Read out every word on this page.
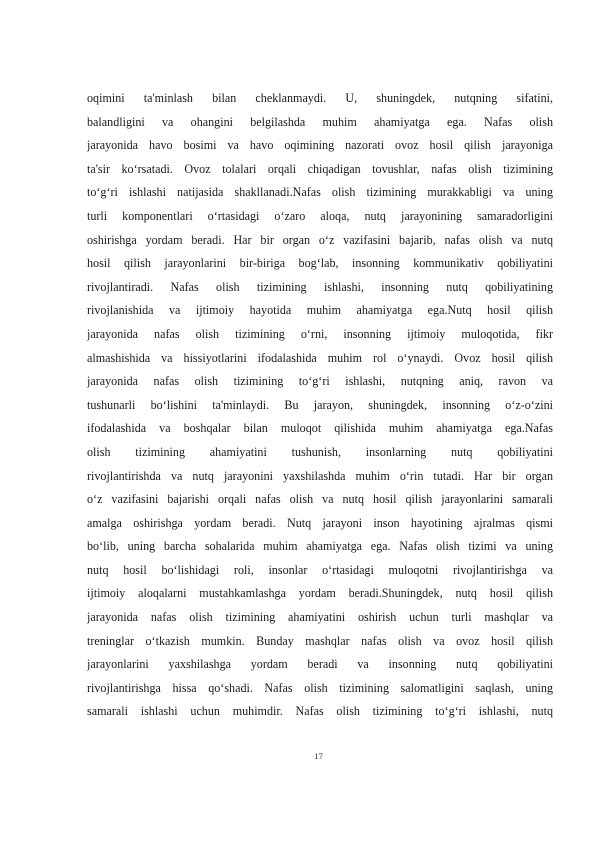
oqimini ta'minlash bilan cheklanmaydi. U, shuningdek, nutqning sifatini,
balandligini va ohangini belgilashda muhim ahamiyatga ega. Nafas olish
jarayonida havo bosimi va havo oqimining nazorati ovoz hosil qilish jarayoniga
ta'sir ko‘rsatadi. Ovoz tolalari orqali chiqadigan tovushlar, nafas olish tizimining
to‘g‘ri ishlashi natijasida shakllanadi.Nafas olish tizimining murakkabligi va uning
turli komponentlari o‘rtasidagi o‘zaro aloqa, nutq jarayonining samaradorligini
oshirishga yordam beradi. Har bir organ o‘z vazifasini bajarib, nafas olish va nutq
hosil qilish jarayonlarini bir-biriga bog‘lab, insonning kommunikativ qobiliyatini
rivojlantiradi. Nafas olish tizimining ishlashi, insonning nutq qobiliyatining
rivojlanishida va ijtimoiy hayotida muhim ahamiyatga ega.Nutq hosil qilish
jarayonida nafas olish tizimining o‘rni, insonning ijtimoiy muloqotida, fikr
almashishida va hissiyotlarini ifodalashida muhim rol o‘ynaydi. Ovoz hosil qilish
jarayonida nafas olish tizimining to‘g‘ri ishlashi, nutqning aniq, ravon va
tushunarli bo‘lishini ta'minlaydi. Bu jarayon, shuningdek, insonning o‘z-o‘zini
ifodalashida va boshqalar bilan muloqot qilishida muhim ahamiyatga ega.Nafas
olish tizimining ahamiyatini tushunish, insonlarning nutq qobiliyatini
rivojlantirishda va nutq jarayonini yaxshilashda muhim o‘rin tutadi. Har bir organ
o‘z vazifasini bajarishi orqali nafas olish va nutq hosil qilish jarayonlarini samarali
amalga oshirishga yordam beradi. Nutq jarayoni inson hayotining ajralmas qismi
bo‘lib, uning barcha sohalarida muhim ahamiyatga ega. Nafas olish tizimi va uning
nutq hosil bo‘lishidagi roli, insonlar o‘rtasidagi muloqotni rivojlantirishga va
ijtimoiy aloqalarni mustahkamlashga yordam beradi.Shuningdek, nutq hosil qilish
jarayonida nafas olish tizimining ahamiyatini oshirish uchun turli mashqlar va
treninglar o‘tkazish mumkin. Bunday mashqlar nafas olish va ovoz hosil qilish
jarayonlarini yaxshilashga yordam beradi va insonning nutq qobiliyatini
rivojlantirishga hissa qo‘shadi. Nafas olish tizimining salomatligini saqlash, uning
samarali ishlashi uchun muhimdir. Nafas olish tizimining to‘g‘ri ishlashi, nutq
17
